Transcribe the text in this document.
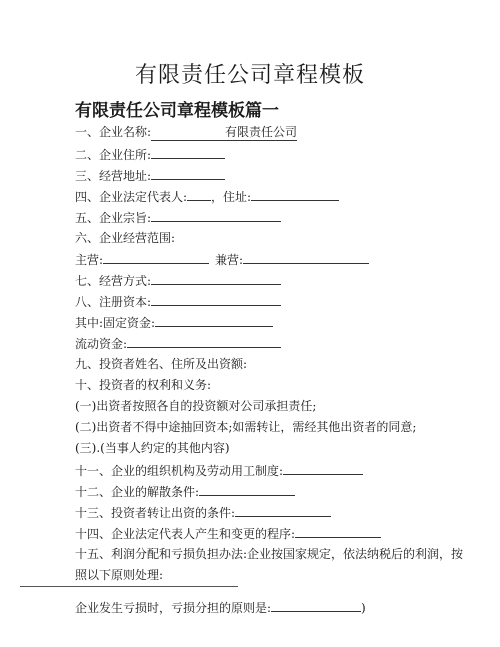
有限责任公司章程模板
有限责任公司章程模板篇一
一、企业名称:	有限责任公司
二、企业住所:
三、经营地址:
四、企业法定代表人: ，住址:
五、企业宗旨:
六、企业经营范围:
主营:	兼营:
七、经营方式:
八、注册资本:
其中:固定资金:
流动资金:
九、投资者姓名、住所及出资额:
十、投资者的权利和义务:
(一)出资者按照各自的投资额对公司承担责任;
(二)出资者不得中途抽回资本;如需转让，需经其他出资者的同意;
(三).(当事人约定的其他内容)
十一、企业的组织机构及劳动用工制度:
十二、企业的解散条件:
十三、投资者转让出资的条件:
十四、企业法定代表人产生和变更的程序:
十五、利润分配和亏损负担办法:企业按国家规定，依法纳税后的利润，按
照以下原则处理:
企业发生亏损时，亏损分担的原则是:	)
